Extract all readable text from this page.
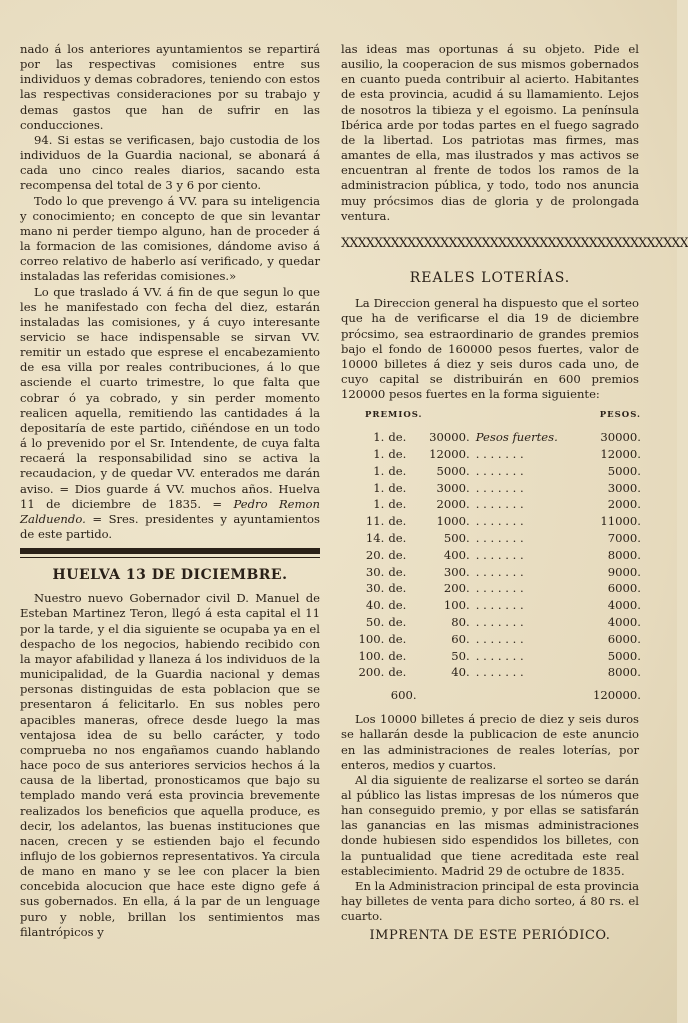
nado á los anteriores ayuntamientos se repartirá por las respectivas comisiones entre sus individuos y demas cobradores, teniendo con estos las respectivas consideraciones por su trabajo y demas gastos que han de sufrir en las conducciones.

94. Si estas se verificasen, bajo custodia de los individuos de la Guardia nacional, se abonará á cada uno cinco reales diarios, sacando esta recompensa del total de 3 y 6 por ciento.

Todo lo que prevengo á VV. para su inteligencia y conocimiento; en concepto de que sin levantar mano ni perder tiempo alguno, han de proceder á la formacion de las comisiones, dándome aviso á correo relativo de haberlo así verificado, y quedar instaladas las referidas comisiones.»

Lo que traslado á VV. á fin de que segun lo que les he manifestado con fecha del diez, estarán instaladas las comisiones, y á cuyo interesante servicio se hace indispensable se sirvan VV. remitir un estado que esprese el encabezamiento de esa villa por reales contribuciones, á lo que asciende el cuarto trimestre, lo que falta que cobrar ó ya cobrado, y sin perder momento realicen aquella, remitiendo las cantidades á la depositaría de este partido, ciñéndose en un todo á lo prevenido por el Sr. Intendente, de cuya falta recaerá la responsabilidad sino se activa la recaudacion, y de quedar VV. enterados me darán aviso. = Dios guarde á VV. muchos años. Huelva 11 de diciembre de 1835. = Pedro Remon Zalduendo. = Sres. presidentes y ayuntamientos de este partido.

HUELVA 13 DE DICIEMBRE.

Nuestro nuevo Gobernador civil D. Manuel de Esteban Martinez Teron, llegó á esta capital el 11 por la tarde, y el dia siguiente se ocupaba ya en el despacho de los negocios, habiendo recibido con la mayor afabilidad y llaneza á los individuos de la municipalidad, de la Guardia nacional y demas personas distinguidas de esta poblacion que se presentaron á felicitarlo. En sus nobles pero apacibles maneras, ofrece desde luego la mas ventajosa idea de su bello carácter, y todo comprueba no nos engañamos cuando hablando hace poco de sus anteriores servicios hechos á la causa de la libertad, pronosticamos que bajo su templado mando verá esta provincia brevemente realizados los beneficios que aquella produce, es decir, los adelantos, las buenas instituciones que nacen, crecen y se estienden bajo el fecundo influjo de los gobiernos representativos. Ya circula de mano en mano y se lee con placer la bien concebida alocucion que hace este digno gefe á sus gobernados. En ella, á la par de un lenguage puro y noble, brillan los sentimientos mas filantrópicos y

las ideas mas oportunas á su objeto. Pide el ausilio, la cooperacion de sus mismos gobernados en cuanto pueda contribuir al acierto. Habitantes de esta provincia, acudid á su llamamiento. Lejos de nosotros la tibieza y el egoismo. La península Ibérica arde por todas partes en el fuego sagrado de la libertad. Los patriotas mas firmes, mas amantes de ella, mas ilustrados y mas activos se encuentran al frente de todos los ramos de la administracion pública, y todo, todo nos anuncia muy prócsimos dias de gloria y de prolongada ventura.

XXXXXXXXXXXXXXXXXXXXXXXXXXXXXXXXXXXXXXXXXX
REALES LOTERÍAS.

La Direccion general ha dispuesto que el sorteo que ha de verificarse el dia 19 de diciembre prócsimo, sea estraordinario de grandes premios bajo el fondo de 160000 pesos fuertes, valor de 10000 billetes á diez y seis duros cada uno, de cuyo capital se distribuirán en 600 premios 120000 pesos fuertes en la forma siguiente:

PREMIOS.				PESOS.
1.	de.	30000.	Pesos fuertes.	30000.
1.	de.	12000.	. . . . . . .	12000.
1.	de.	5000.	. . . . . . .	5000.
1.	de.	3000.	. . . . . . .	3000.
1.	de.	2000.	. . . . . . .	2000.
11.	de.	1000.	. . . . . . .	11000.
14.	de.	500.	. . . . . . .	7000.
20.	de.	400.	. . . . . . .	8000.
30.	de.	300.	. . . . . . .	9000.
30.	de.	200.	. . . . . . .	6000.
40.	de.	100.	. . . . . . .	4000.
50.	de.	80.	. . . . . . .	4000.
100.	de.	60.	. . . . . . .	6000.
100.	de.	50.	. . . . . . .	5000.
200.	de.	40.	. . . . . . .	8000.
600.				120000.

Los 10000 billetes á precio de diez y seis duros se hallarán desde la publicacion de este anuncio en las administraciones de reales loterías, por enteros, medios y cuartos.

Al dia siguiente de realizarse el sorteo se darán al público las listas impresas de los números que han conseguido premio, y por ellas se satisfarán las ganancias en las mismas administraciones donde hubiesen sido espendidos los billetes, con la puntualidad que tiene acreditada este real establecimiento. Madrid 29 de octubre de 1835.

En la Administracion principal de esta provincia hay billetes de venta para dicho sorteo, á 80 rs. el cuarto.

IMPRENTA DE ESTE PERIÓDICO.
